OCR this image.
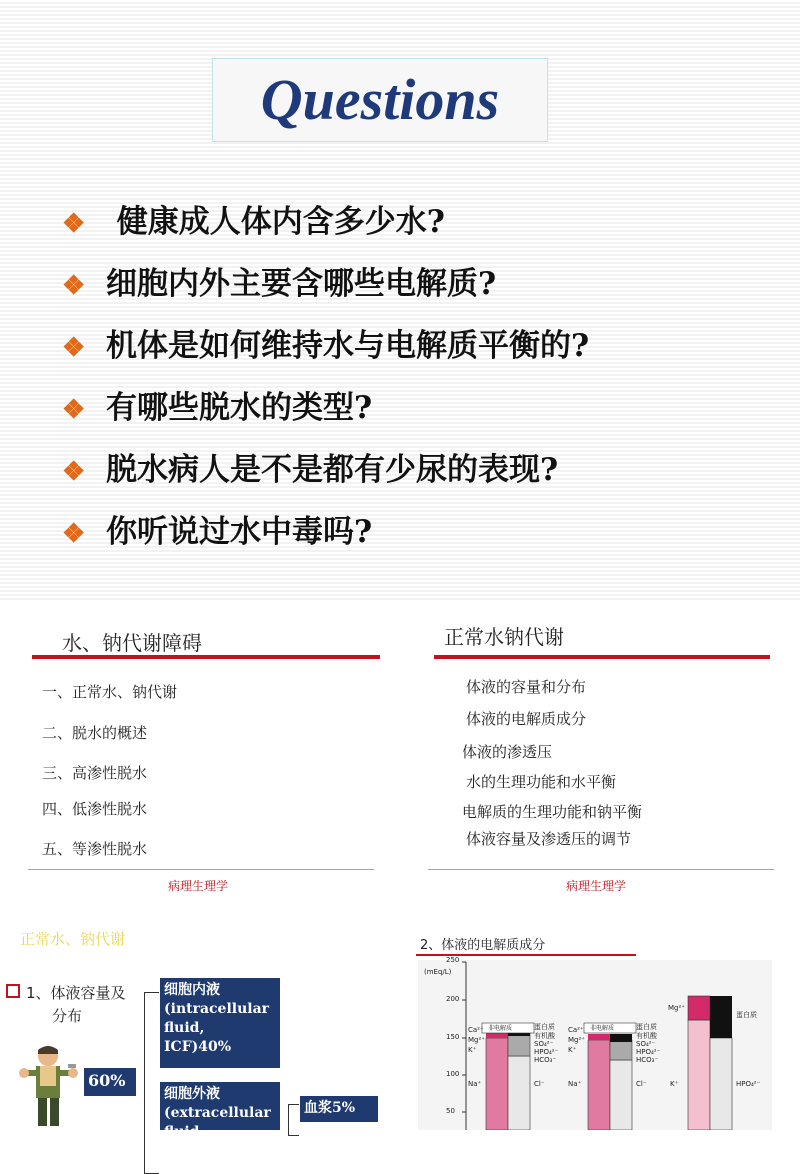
Questions
❖ 健康成人体内含多少水?
❖ 细胞内外主要含哪些电解质?
❖ 机体是如何维持水与电解质平衡的?
❖ 有哪些脱水的类型?
❖ 脱水病人是不是都有少尿的表现?
❖ 你听说过水中毒吗?
水、钠代谢障碍
一、正常水、钠代谢
二、脱水的概述
三、高渗性脱水
四、低渗性脱水
五、等渗性脱水
病理生理学
正常水钠代谢
体液的容量和分布
体液的电解质成分
体液的渗透压
水的生理功能和水平衡
电解质的生理功能和钠平衡
体液容量及渗透压的调节
病理生理学
正常水、钠代谢
1、体液容量及
分布
60%
细胞内液 (intracellular fluid, ICF)40%
细胞外液 (extracellular fluid
血浆5%
2、体液的电解质成分
(mEq/L)
250
200
150
100
50
Ca²⁺
Mg²⁺
K⁺
Na⁺
非电解质	蛋白质
有机酸
SO₄²⁻
HPO₄²⁻
HCO₃⁻
Cl⁻
Ca²⁺
Mg²⁺
K⁺
Na⁺
非电解质	蛋白质
有机酸
SO₄²⁻
HPO₄²⁻
HCO₃⁻
Cl⁻
Mg²⁺
K⁺
蛋白质
HPO₄²⁻
